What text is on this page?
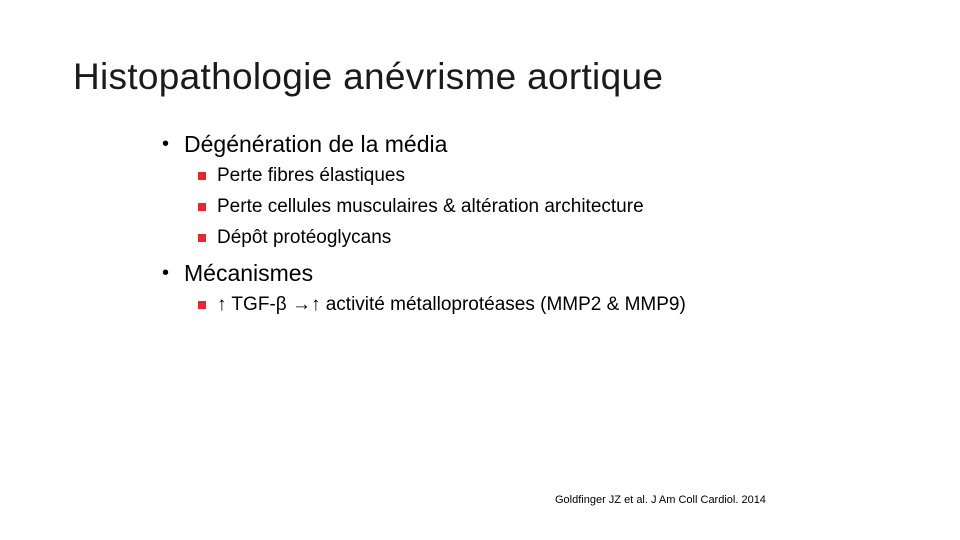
Histopathologie anévrisme aortique
• Dégénération de la média
Perte fibres élastiques
Perte cellules musculaires & altération architecture
Dépôt protéoglycans
• Mécanismes
↑ TGF-β →↑ activité métalloprotéases (MMP2 & MMP9)
Goldfinger JZ et al. J Am Coll Cardiol. 2014
